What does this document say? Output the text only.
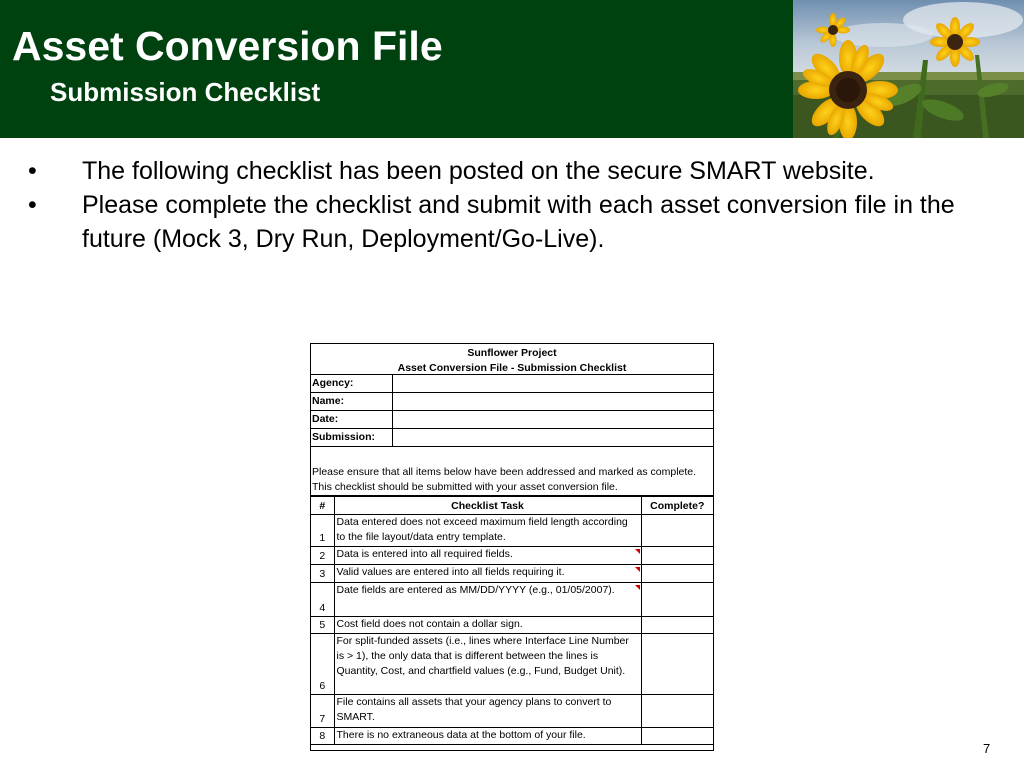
Asset Conversion File
Submission Checklist
•	The following checklist has been posted on the secure SMART website.
•	Please complete the checklist and submit with each asset conversion file in the future (Mock 3, Dry Run, Deployment/Go-Live).
Sunflower Project
Asset Conversion File - Submission Checklist
Agency:
Name:
Date:
Submission:
Please ensure that all items below have been addressed and marked as complete. This checklist should be submitted with your asset conversion file.
#	Checklist Task	Complete?
1	Data entered does not exceed maximum field length according to the file layout/data entry template.	
2	Data is entered into all required fields.	
3	Valid values are entered into all fields requiring it.	
4	Date fields are entered as MM/DD/YYYY (e.g., 01/05/2007).	
5	Cost field does not contain a dollar sign.	
6	For split-funded assets (i.e., lines where Interface Line Number is > 1), the only data that is different between the lines is Quantity, Cost, and chartfield values (e.g., Fund, Budget Unit).	
7	File contains all assets that your agency plans to convert to SMART.	
8	There is no extraneous data at the bottom of your file.	
7
